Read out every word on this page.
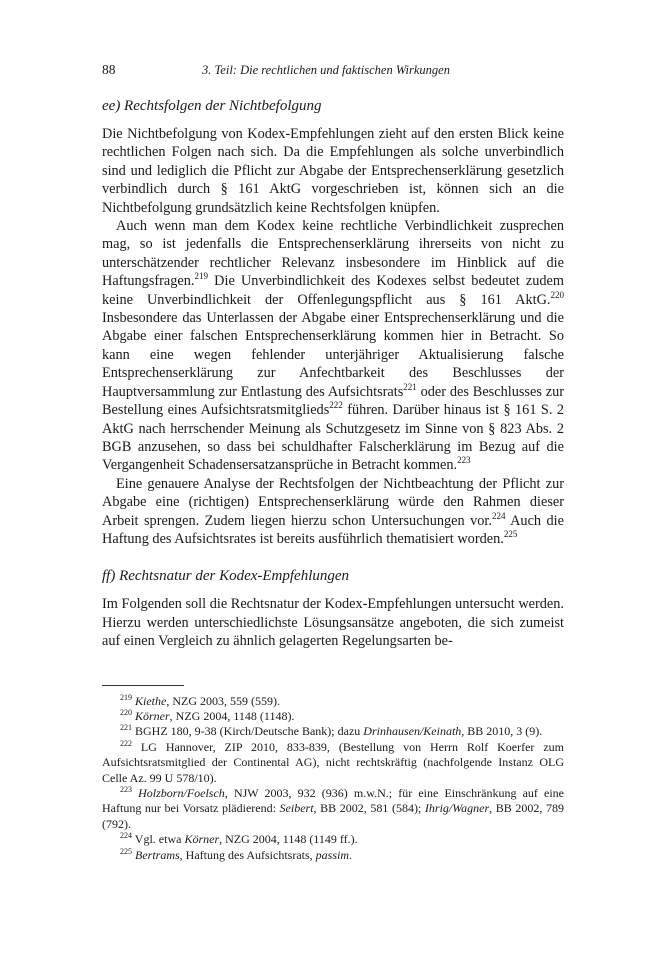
88	3. Teil: Die rechtlichen und faktischen Wirkungen
ee) Rechtsfolgen der Nichtbefolgung

Die Nichtbefolgung von Kodex-Empfehlungen zieht auf den ersten Blick keine rechtlichen Folgen nach sich. Da die Empfehlungen als solche unverbindlich sind und lediglich die Pflicht zur Abgabe der Entsprechenserklärung gesetzlich verbindlich durch § 161 AktG vorgeschrieben ist, können sich an die Nichtbefolgung grundsätzlich keine Rechtsfolgen knüpfen.

Auch wenn man dem Kodex keine rechtliche Verbindlichkeit zusprechen mag, so ist jedenfalls die Entsprechenserklärung ihrerseits von nicht zu unterschätzender rechtlicher Relevanz insbesondere im Hinblick auf die Haftungsfragen.$^{219}$ Die Unverbindlichkeit des Kodexes selbst bedeutet zudem keine Unverbindlichkeit der Offenlegungspflicht aus § 161 AktG.$^{220}$ Insbesondere das Unterlassen der Abgabe einer Entsprechenserklärung und die Abgabe einer falschen Entsprechenserklärung kommen hier in Betracht. So kann eine wegen fehlender unterjähriger Aktualisierung falsche Entsprechenserklärung zur Anfechtbarkeit des Beschlusses der Hauptversammlung zur Entlastung des Aufsichtsrats$^{221}$ oder des Beschlusses zur Bestellung eines Aufsichtsratsmitglieds$^{222}$ führen. Darüber hinaus ist § 161 S. 2 AktG nach herrschender Meinung als Schutzgesetz im Sinne von § 823 Abs. 2 BGB anzusehen, so dass bei schuldhafter Falscherklärung im Bezug auf die Vergangenheit Schadensersatzansprüche in Betracht kommen.$^{223}$

Eine genauere Analyse der Rechtsfolgen der Nichtbeachtung der Pflicht zur Abgabe eine (richtigen) Entsprechenserklärung würde den Rahmen dieser Arbeit sprengen. Zudem liegen hierzu schon Untersuchungen vor.$^{224}$ Auch die Haftung des Aufsichtsrates ist bereits ausführlich thematisiert worden.$^{225}$

ff) Rechtsnatur der Kodex-Empfehlungen

Im Folgenden soll die Rechtsnatur der Kodex-Empfehlungen untersucht werden. Hierzu werden unterschiedlichste Lösungsansätze angeboten, die sich zumeist auf einen Vergleich zu ähnlich gelagerten Regelungsarten be-

$^{219}$ Kiethe, NZG 2003, 559 (559).

$^{220}$ Körner, NZG 2004, 1148 (1148).

$^{221}$ BGHZ 180, 9-38 (Kirch/Deutsche Bank); dazu Drinhausen/Keinath, BB 2010, 3 (9).

$^{222}$ LG Hannover, ZIP 2010, 833-839, (Bestellung von Herrn Rolf Koerfer zum Aufsichtsratsmitglied der Continental AG), nicht rechtskräftig (nachfolgende Instanz OLG Celle Az. 99 U 578/10).

$^{223}$ Holzborn/Foelsch, NJW 2003, 932 (936) m.w.N.; für eine Einschränkung auf eine Haftung nur bei Vorsatz plädierend: Seibert, BB 2002, 581 (584); Ihrig/Wagner, BB 2002, 789 (792).

$^{224}$ Vgl. etwa Körner, NZG 2004, 1148 (1149 ff.).

$^{225}$ Bertrams, Haftung des Aufsichtsrats, passim.
